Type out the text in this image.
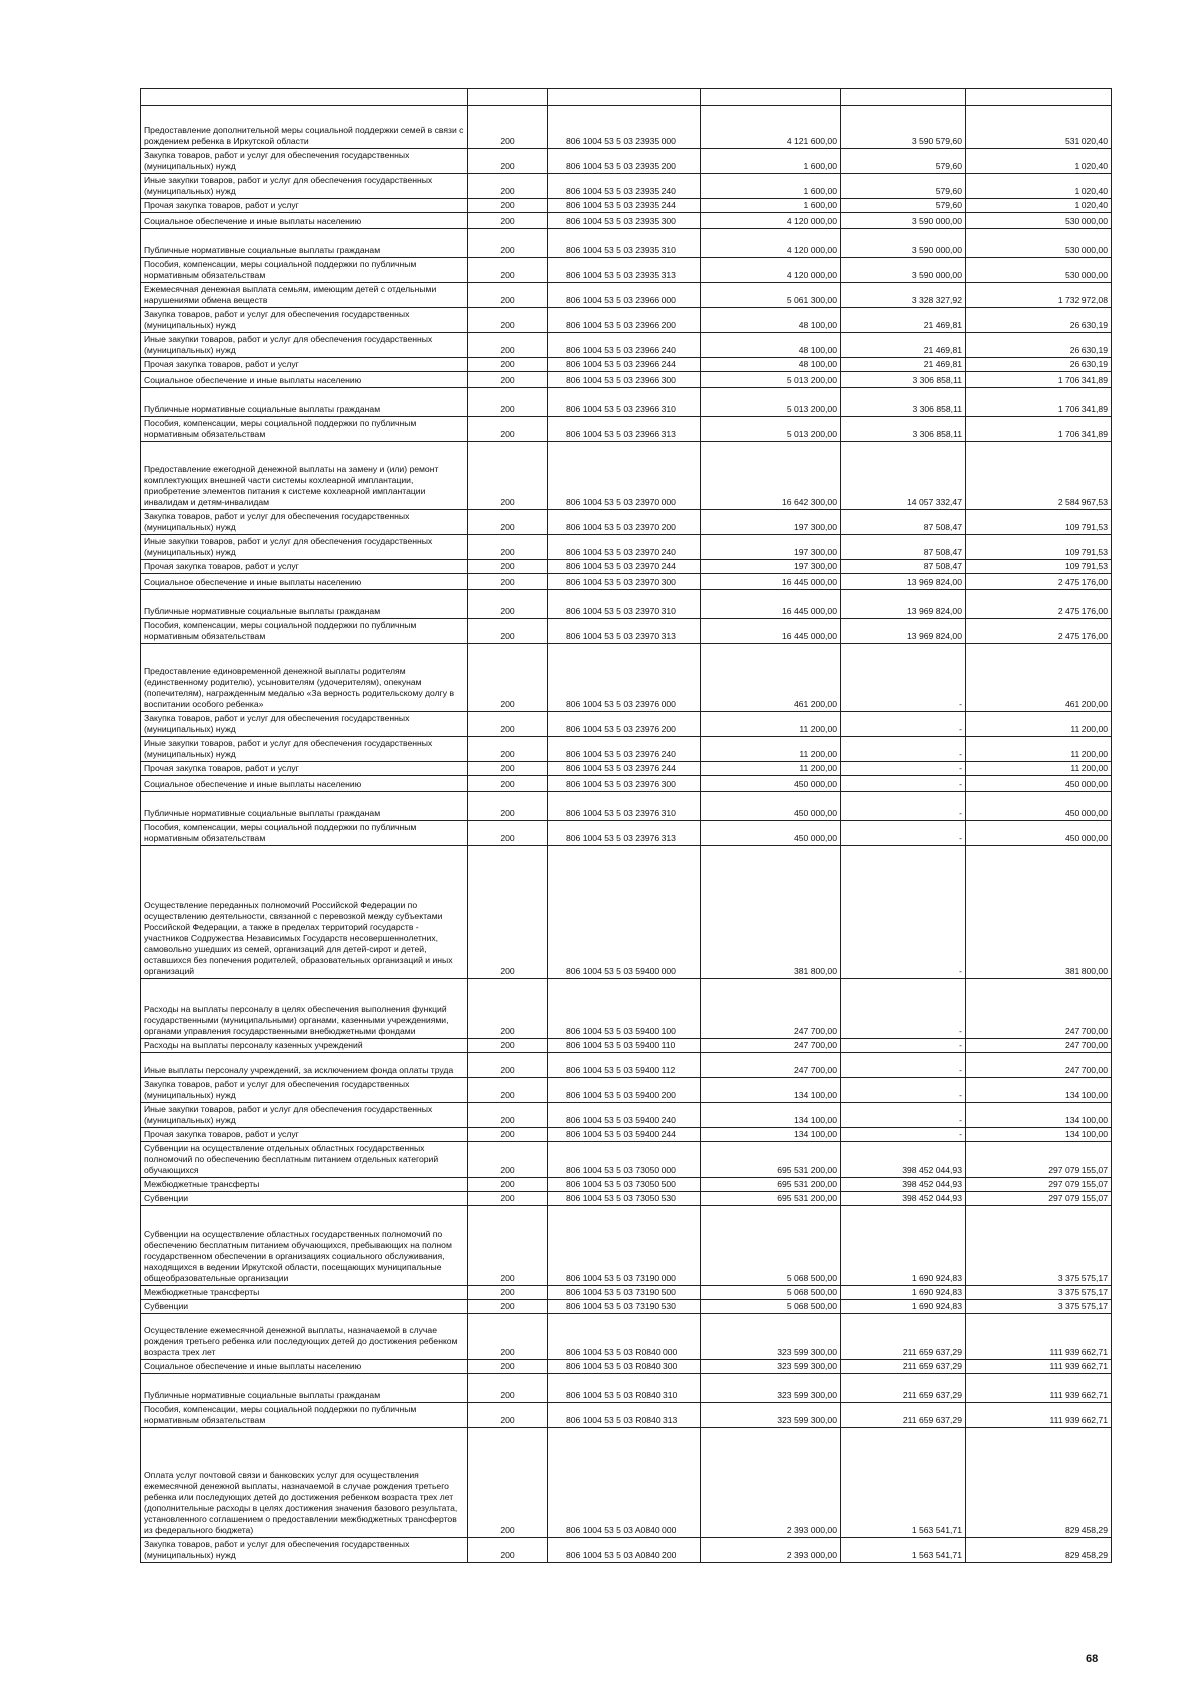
Предоставление дополнительной меры социальной поддержки семей в связи с рождением ребенка в Иркутской области	200	806 1004 53 5 03 23935 000	4 121 600,00	3 590 579,60	531 020,40
Закупка товаров, работ и услуг для обеспечения государственных (муниципальных) нужд	200	806 1004 53 5 03 23935 200	1 600,00	579,60	1 020,40
Иные закупки товаров, работ и услуг для обеспечения государственных (муниципальных) нужд	200	806 1004 53 5 03 23935 240	1 600,00	579,60	1 020,40
Прочая закупка товаров, работ и услуг	200	806 1004 53 5 03 23935 244	1 600,00	579,60	1 020,40
Социальное обеспечение и иные выплаты населению	200	806 1004 53 5 03 23935 300	4 120 000,00	3 590 000,00	530 000,00
Публичные нормативные социальные выплаты гражданам	200	806 1004 53 5 03 23935 310	4 120 000,00	3 590 000,00	530 000,00
Пособия, компенсации, меры социальной поддержки по публичным нормативным обязательствам	200	806 1004 53 5 03 23935 313	4 120 000,00	3 590 000,00	530 000,00
Ежемесячная денежная выплата семьям, имеющим детей с отдельными нарушениями обмена веществ	200	806 1004 53 5 03 23966 000	5 061 300,00	3 328 327,92	1 732 972,08
Закупка товаров, работ и услуг для обеспечения государственных (муниципальных) нужд	200	806 1004 53 5 03 23966 200	48 100,00	21 469,81	26 630,19
Иные закупки товаров, работ и услуг для обеспечения государственных (муниципальных) нужд	200	806 1004 53 5 03 23966 240	48 100,00	21 469,81	26 630,19
Прочая закупка товаров, работ и услуг	200	806 1004 53 5 03 23966 244	48 100,00	21 469,81	26 630,19
Социальное обеспечение и иные выплаты населению	200	806 1004 53 5 03 23966 300	5 013 200,00	3 306 858,11	1 706 341,89
Публичные нормативные социальные выплаты гражданам	200	806 1004 53 5 03 23966 310	5 013 200,00	3 306 858,11	1 706 341,89
Пособия, компенсации, меры социальной поддержки по публичным нормативным обязательствам	200	806 1004 53 5 03 23966 313	5 013 200,00	3 306 858,11	1 706 341,89
Предоставление ежегодной денежной выплаты на замену и (или) ремонт комплектующих внешней части системы кохлеарной имплантации, приобретение элементов питания к системе кохлеарной имплантации инвалидам и детям-инвалидам	200	806 1004 53 5 03 23970 000	16 642 300,00	14 057 332,47	2 584 967,53
Закупка товаров, работ и услуг для обеспечения государственных (муниципальных) нужд	200	806 1004 53 5 03 23970 200	197 300,00	87 508,47	109 791,53
Иные закупки товаров, работ и услуг для обеспечения государственных (муниципальных) нужд	200	806 1004 53 5 03 23970 240	197 300,00	87 508,47	109 791,53
Прочая закупка товаров, работ и услуг	200	806 1004 53 5 03 23970 244	197 300,00	87 508,47	109 791,53
Социальное обеспечение и иные выплаты населению	200	806 1004 53 5 03 23970 300	16 445 000,00	13 969 824,00	2 475 176,00
Публичные нормативные социальные выплаты гражданам	200	806 1004 53 5 03 23970 310	16 445 000,00	13 969 824,00	2 475 176,00
Пособия, компенсации, меры социальной поддержки по публичным нормативным обязательствам	200	806 1004 53 5 03 23970 313	16 445 000,00	13 969 824,00	2 475 176,00
Предоставление единовременной денежной выплаты родителям (единственному родителю), усыновителям (удочерителям), опекунам (попечителям), награжденным медалью «За верность родительскому долгу в воспитании особого ребенка»	200	806 1004 53 5 03 23976 000	461 200,00	-	461 200,00
Закупка товаров, работ и услуг для обеспечения государственных (муниципальных) нужд	200	806 1004 53 5 03 23976 200	11 200,00	-	11 200,00
Иные закупки товаров, работ и услуг для обеспечения государственных (муниципальных) нужд	200	806 1004 53 5 03 23976 240	11 200,00	-	11 200,00
Прочая закупка товаров, работ и услуг	200	806 1004 53 5 03 23976 244	11 200,00	-	11 200,00
Социальное обеспечение и иные выплаты населению	200	806 1004 53 5 03 23976 300	450 000,00	-	450 000,00
Публичные нормативные социальные выплаты гражданам	200	806 1004 53 5 03 23976 310	450 000,00	-	450 000,00
Пособия, компенсации, меры социальной поддержки по публичным нормативным обязательствам	200	806 1004 53 5 03 23976 313	450 000,00	-	450 000,00
Осуществление переданных полномочий Российской Федерации по осуществлению деятельности, связанной с перевозкой между субъектами Российской Федерации, а также в пределах территорий государств - участников Содружества Независимых Государств несовершеннолетних, самовольно ушедших из семей, организаций для детей-сирот и детей, оставшихся без попечения родителей, образовательных организаций и иных организаций	200	806 1004 53 5 03 59400 000	381 800,00	-	381 800,00
Расходы на выплаты персоналу в целях обеспечения выполнения функций государственными (муниципальными) органами, казенными учреждениями, органами управления государственными внебюджетными фондами	200	806 1004 53 5 03 59400 100	247 700,00	-	247 700,00
Расходы на выплаты персоналу казенных учреждений	200	806 1004 53 5 03 59400 110	247 700,00	-	247 700,00
Иные выплаты персоналу учреждений, за исключением фонда оплаты труда	200	806 1004 53 5 03 59400 112	247 700,00	-	247 700,00
Закупка товаров, работ и услуг для обеспечения государственных (муниципальных) нужд	200	806 1004 53 5 03 59400 200	134 100,00	-	134 100,00
Иные закупки товаров, работ и услуг для обеспечения государственных (муниципальных) нужд	200	806 1004 53 5 03 59400 240	134 100,00	-	134 100,00
Прочая закупка товаров, работ и услуг	200	806 1004 53 5 03 59400 244	134 100,00	-	134 100,00
Субвенции на осуществление отдельных областных государственных полномочий по обеспечению бесплатным питанием отдельных категорий обучающихся	200	806 1004 53 5 03 73050 000	695 531 200,00	398 452 044,93	297 079 155,07
Межбюджетные трансферты	200	806 1004 53 5 03 73050 500	695 531 200,00	398 452 044,93	297 079 155,07
Субвенции	200	806 1004 53 5 03 73050 530	695 531 200,00	398 452 044,93	297 079 155,07
Субвенции на осуществление областных государственных полномочий по обеспечению бесплатным питанием обучающихся, пребывающих на полном государственном обеспечении в организациях социального обслуживания, находящихся в ведении Иркутской области, посещающих муниципальные общеобразовательные организации	200	806 1004 53 5 03 73190 000	5 068 500,00	1 690 924,83	3 375 575,17
Межбюджетные трансферты	200	806 1004 53 5 03 73190 500	5 068 500,00	1 690 924,83	3 375 575,17
Субвенции	200	806 1004 53 5 03 73190 530	5 068 500,00	1 690 924,83	3 375 575,17
Осуществление ежемесячной денежной выплаты, назначаемой в случае рождения третьего ребенка или последующих детей до достижения ребенком возраста трех лет	200	806 1004 53 5 03 R0840 000	323 599 300,00	211 659 637,29	111 939 662,71
Социальное обеспечение и иные выплаты населению	200	806 1004 53 5 03 R0840 300	323 599 300,00	211 659 637,29	111 939 662,71
Публичные нормативные социальные выплаты гражданам	200	806 1004 53 5 03 R0840 310	323 599 300,00	211 659 637,29	111 939 662,71
Пособия, компенсации, меры социальной поддержки по публичным нормативным обязательствам	200	806 1004 53 5 03 R0840 313	323 599 300,00	211 659 637,29	111 939 662,71
Оплата услуг почтовой связи и банковских услуг для осуществления ежемесячной денежной выплаты, назначаемой в случае рождения третьего ребенка или последующих детей до достижения ребенком возраста трех лет (дополнительные расходы в целях достижения значения базового результата, установленного соглашением о предоставлении межбюджетных трансфертов из федерального бюджета)	200	806 1004 53 5 03 A0840 000	2 393 000,00	1 563 541,71	829 458,29
Закупка товаров, работ и услуг для обеспечения государственных (муниципальных) нужд	200	806 1004 53 5 03 A0840 200	2 393 000,00	1 563 541,71	829 458,29
68
